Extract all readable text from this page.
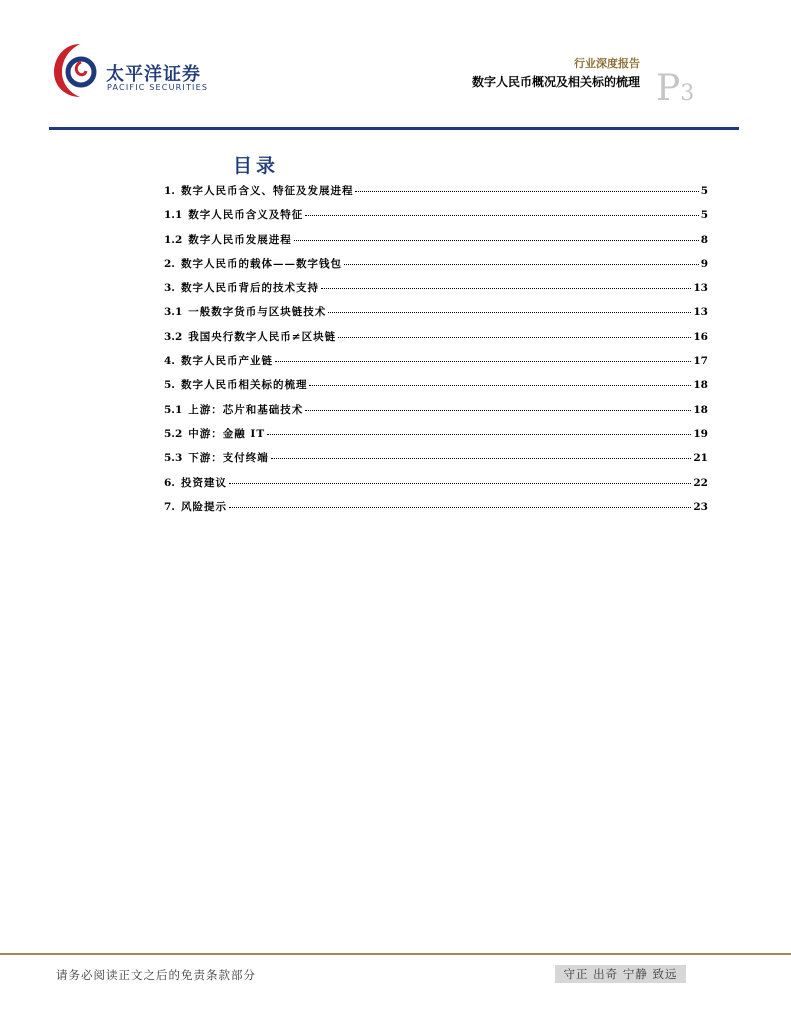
太平洋证券
PACIFIC SECURITIES
行业深度报告
数字人民币概况及相关标的梳理 P3
目录
1. 数字人民币含义、特征及发展进程	5
1.1 数字人民币含义及特征	5
1.2 数字人民币发展进程	8
2. 数字人民币的载体——数字钱包	9
3. 数字人民币背后的技术支持	13
3.1 一般数字货币与区块链技术	13
3.2 我国央行数字人民币≠区块链	16
4. 数字人民币产业链	17
5. 数字人民币相关标的梳理	18
5.1 上游：芯片和基础技术	18
5.2 中游：金融 IT	19
5.3 下游：支付终端	21
6. 投资建议	22
7. 风险提示	23
请务必阅读正文之后的免责条款部分	守正 出奇 宁静 致远
